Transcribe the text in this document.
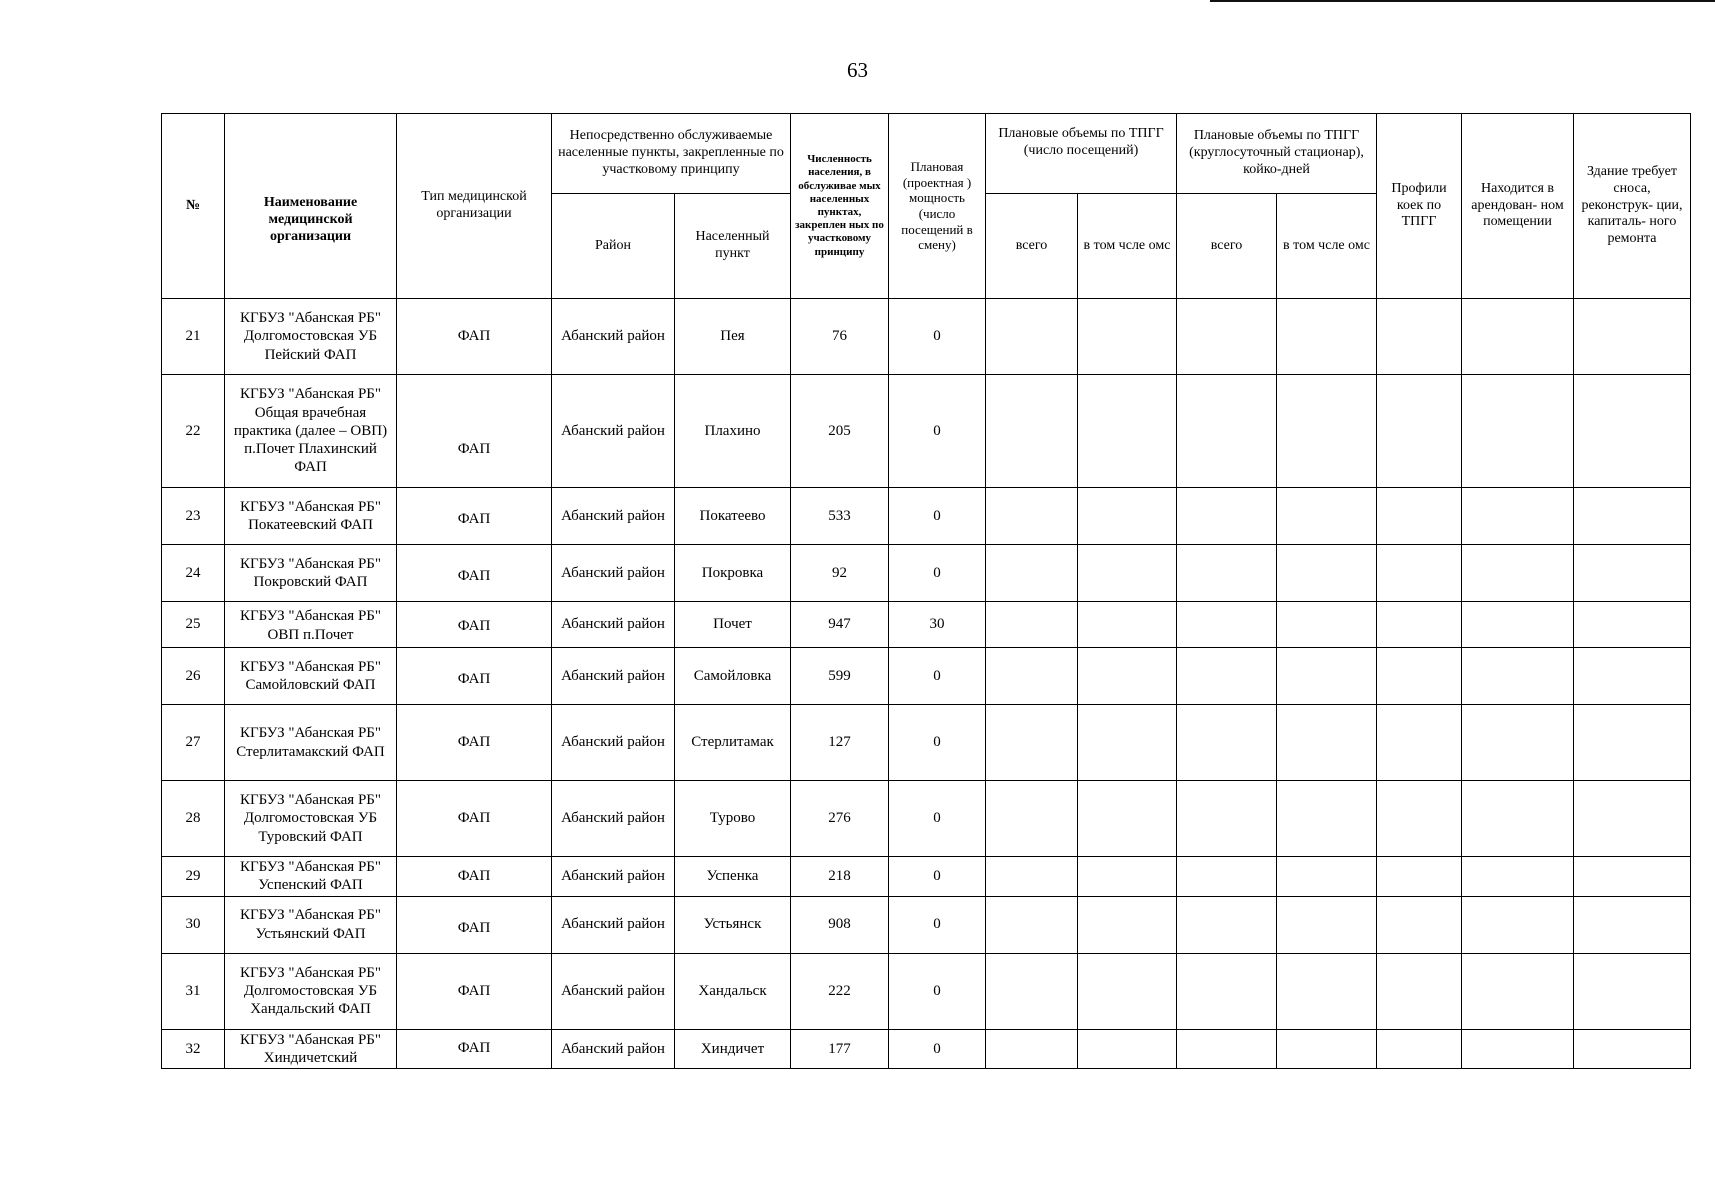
63
№	Наименование медицинской организации	Тип медицинской организации	Непосредственно обслуживаемые населенные пункты, закрепленные по участковому принципу		Численность населения, в обслуживае мых населенных пунктах, закреплен ных по участковому принципу	Плановая (проектная ) мощность (число посещений в смену)	Плановые объемы по ТПГГ (число посещений)		Плановые объемы по ТПГГ (круглосуточный стационар), койко-дней		Профили коек по ТПГГ	Находится в арендован- ном помещении	Здание требует сноса, реконструк- ции, капиталь- ного ремонта
			Район	Населенный пункт			всего	в том чсле омс	всего	в том чсле омс			
21	КГБУЗ "Абанская РБ" Долгомостовская УБ Пейский ФАП	ФАП	Абанский район	Пея	76	0							
22	КГБУЗ "Абанская РБ" Общая врачебная практика (далее – ОВП) п.Почет Плахинский ФАП	ФАП	Абанский район	Плахино	205	0							
23	КГБУЗ "Абанская РБ" Покатеевский ФАП	ФАП	Абанский район	Покатеево	533	0							
24	КГБУЗ "Абанская РБ" Покровский ФАП	ФАП	Абанский район	Покровка	92	0							
25	КГБУЗ "Абанская РБ" ОВП п.Почет	ФАП	Абанский район	Почет	947	30							
26	КГБУЗ "Абанская РБ" Самойловский ФАП	ФАП	Абанский район	Самойловка	599	0							
27	КГБУЗ "Абанская РБ" Стерлитамакский ФАП	ФАП	Абанский район	Стерлитамак	127	0							
28	КГБУЗ "Абанская РБ" Долгомостовская УБ Туровский ФАП	ФАП	Абанский район	Турово	276	0							
29	КГБУЗ "Абанская РБ" Успенский ФАП	ФАП	Абанский район	Успенка	218	0							
30	КГБУЗ "Абанская РБ" Устьянский ФАП	ФАП	Абанский район	Устьянск	908	0							
31	КГБУЗ "Абанская РБ" Долгомостовская УБ Хандальский ФАП	ФАП	Абанский район	Хандальск	222	0							
32	КГБУЗ "Абанская РБ" Хиндичетский	ФАП	Абанский район	Хиндичет	177	0							
